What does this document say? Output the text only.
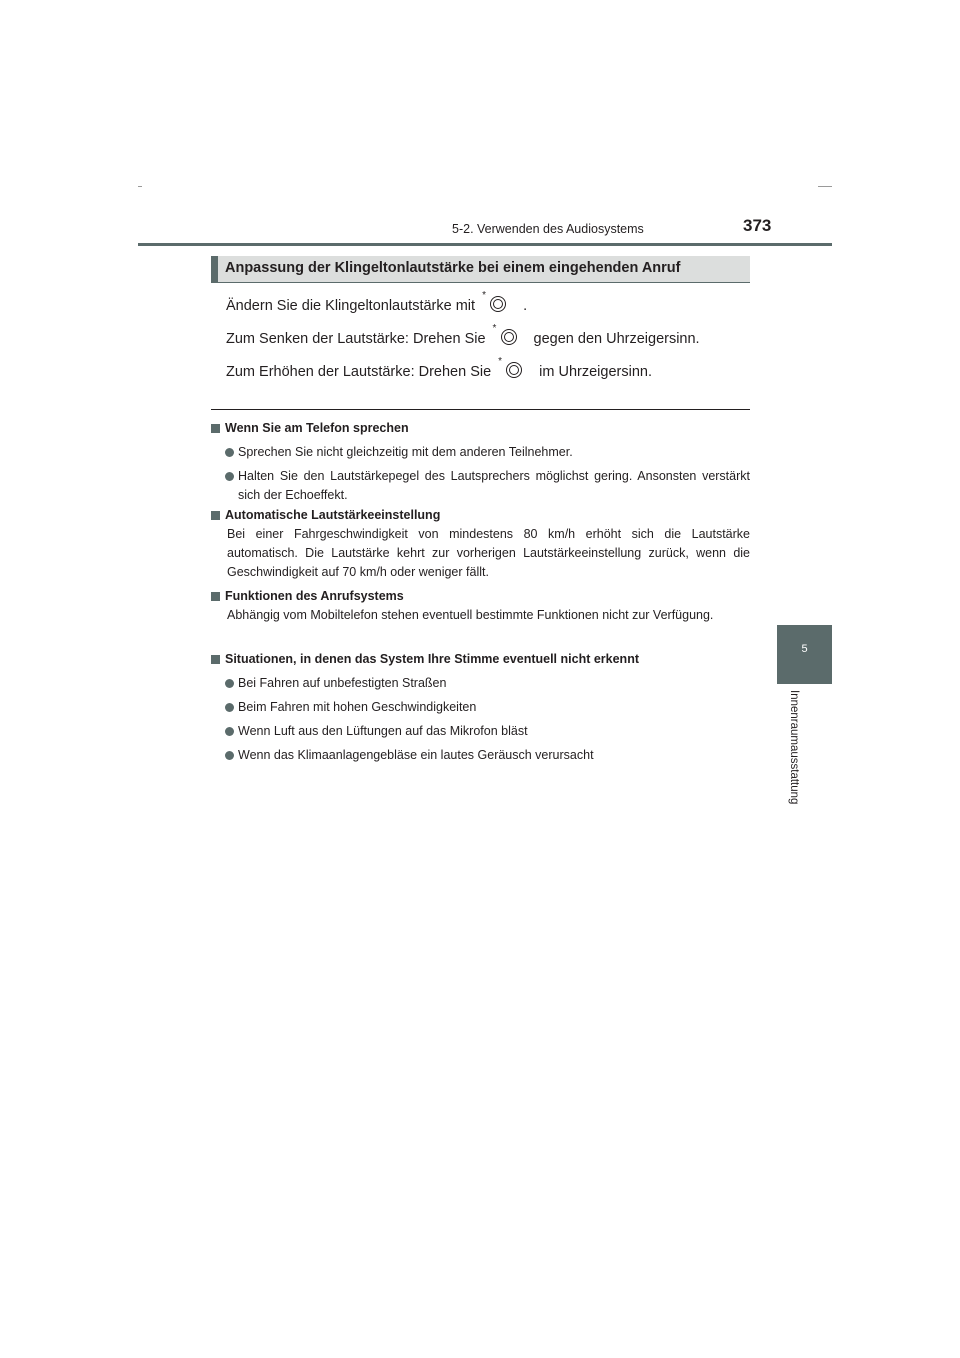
5-2. Verwenden des Audiosystems	373
5
Innenraumausstattung
Anpassung der Klingeltonlautstärke bei einem eingehenden Anruf
Ändern Sie die Klingeltonlautstärke mit
*
.
Zum Senken der Lautstärke: Drehen Sie
*
gegen den Uhrzeigersinn.
Zum Erhöhen der Lautstärke: Drehen Sie
*
im Uhrzeigersinn.
Wenn Sie am Telefon sprechen
Sprechen Sie nicht gleichzeitig mit dem anderen Teilnehmer.
Halten Sie den Lautstärkepegel des Lautsprechers möglichst gering. Ansonsten verstärkt sich der Echoeffekt.
Automatische Lautstärkeeinstellung
Bei einer Fahrgeschwindigkeit von mindestens 80 km/h erhöht sich die Lautstärke automatisch. Die Lautstärke kehrt zur vorherigen Lautstärkeeinstellung zurück, wenn die Geschwindigkeit auf 70 km/h oder weniger fällt.
Funktionen des Anrufsystems
Abhängig vom Mobiltelefon stehen eventuell bestimmte Funktionen nicht zur Verfügung.
Situationen, in denen das System Ihre Stimme eventuell nicht erkennt
Bei Fahren auf unbefestigten Straßen
Beim Fahren mit hohen Geschwindigkeiten
Wenn Luft aus den Lüftungen auf das Mikrofon bläst
Wenn das Klimaanlagengebläse ein lautes Geräusch verursacht
